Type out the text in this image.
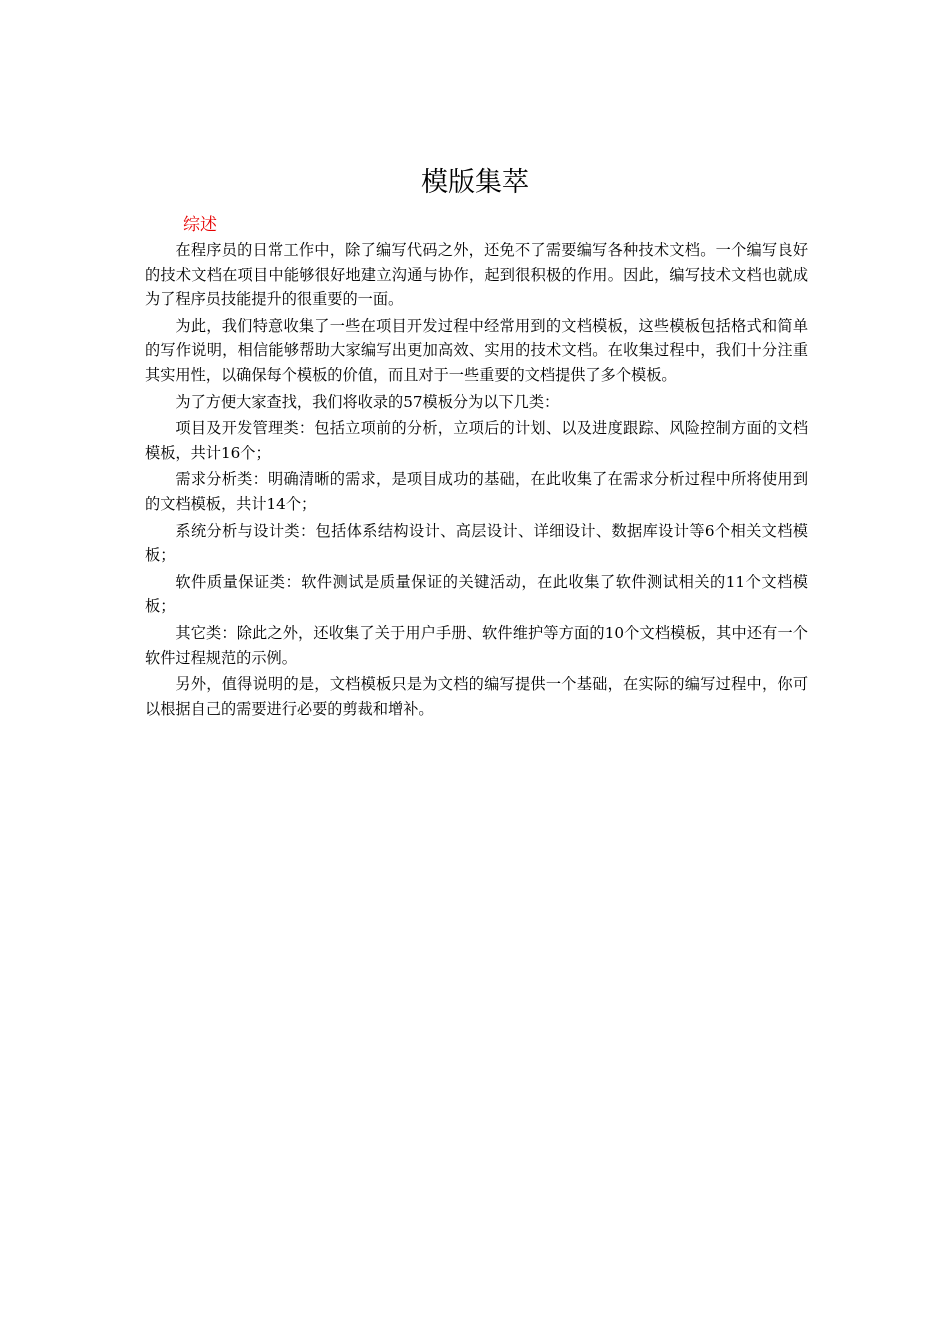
模版集萃
综述

在程序员的日常工作中，除了编写代码之外，还免不了需要编写各种技术文档。一个编写良好的技术文档在项目中能够很好地建立沟通与协作，起到很积极的作用。因此，编写技术文档也就成为了程序员技能提升的很重要的一面。

为此，我们特意收集了一些在项目开发过程中经常用到的文档模板，这些模板包括格式和简单的写作说明，相信能够帮助大家编写出更加高效、实用的技术文档。在收集过程中，我们十分注重其实用性，以确保每个模板的价值，而且对于一些重要的文档提供了多个模板。

为了方便大家查找，我们将收录的57模板分为以下几类：

项目及开发管理类：包括立项前的分析，立项后的计划、以及进度跟踪、风险控制方面的文档模板，共计16个；

需求分析类：明确清晰的需求，是项目成功的基础，在此收集了在需求分析过程中所将使用到的文档模板，共计14个；

系统分析与设计类：包括体系结构设计、高层设计、详细设计、数据库设计等6个相关文档模板；

软件质量保证类：软件测试是质量保证的关键活动，在此收集了软件测试相关的11个文档模板；

其它类：除此之外，还收集了关于用户手册、软件维护等方面的10个文档模板，其中还有一个软件过程规范的示例。

另外，值得说明的是，文档模板只是为文档的编写提供一个基础，在实际的编写过程中，你可以根据自己的需要进行必要的剪裁和增补。
